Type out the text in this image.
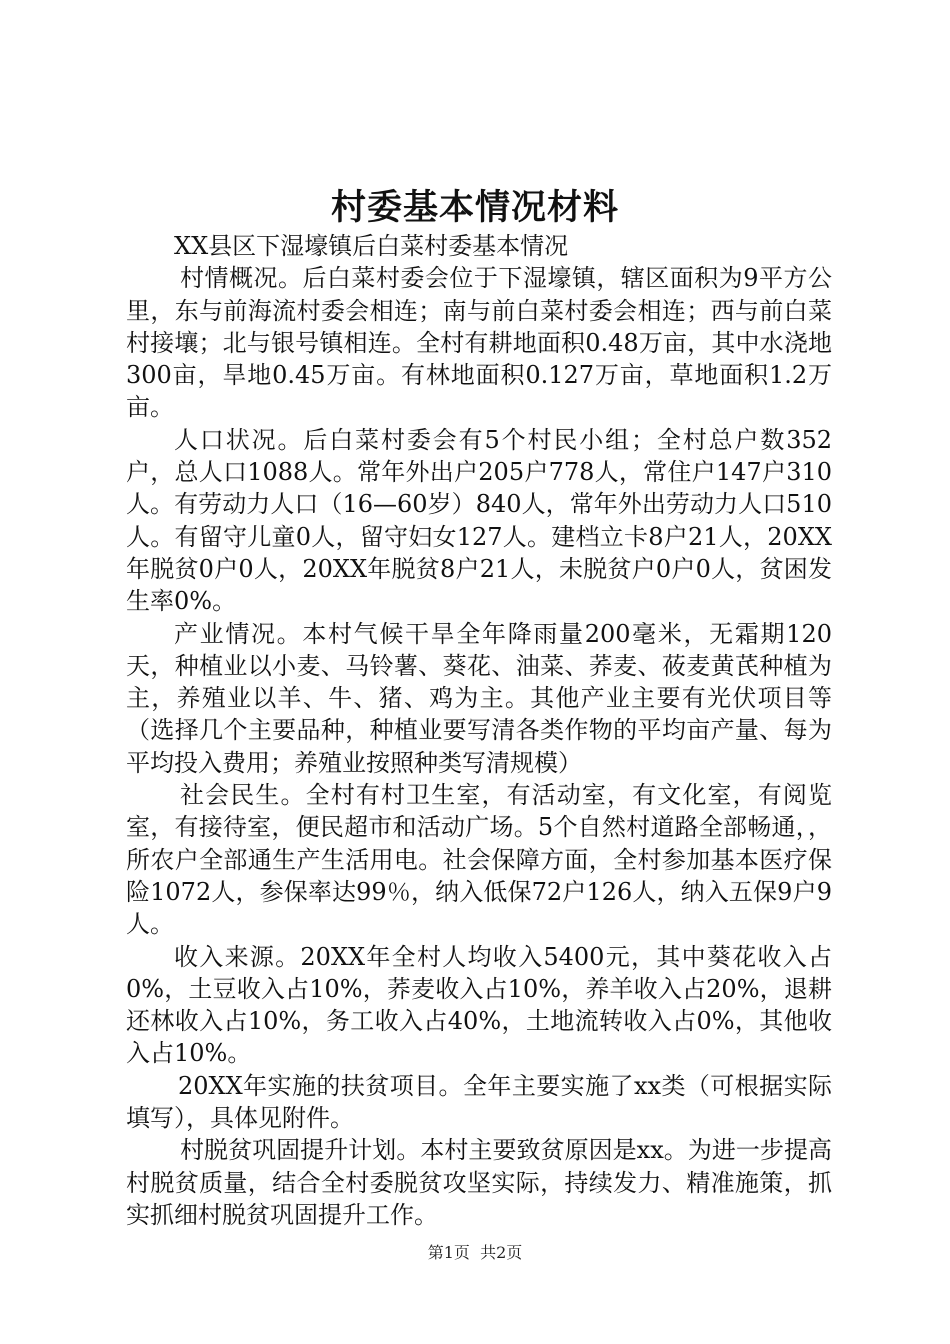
村委基本情况材料

XX县区下湿壕镇后白菜村委基本情况

村情概况。后白菜村委会位于下湿壕镇，辖区面积为9平方公里，东与前海流村委会相连；南与前白菜村委会相连；西与前白菜村接壤；北与银号镇相连。全村有耕地面积0.48万亩，其中水浇地300亩，旱地0.45万亩。有林地面积0.127万亩，草地面积1.2万亩。

人口状况。后白菜村委会有5个村民小组；全村总户数352户，总人口1088人。常年外出户205户778人，常住户147户310人。有劳动力人口（16—60岁）840人，常年外出劳动力人口510人。有留守儿童0人，留守妇女127人。建档立卡8户21人，20XX年脱贫0户0人，20XX年脱贫8户21人，未脱贫户0户0人，贫困发生率0%。

产业情况。本村气候干旱全年降雨量200毫米，无霜期120天，种植业以小麦、马铃薯、葵花、油菜、荞麦、莜麦黄芪种植为主，养殖业以羊、牛、猪、鸡为主。其他产业主要有光伏项目等（选择几个主要品种，种植业要写清各类作物的平均亩产量、每为平均投入费用；养殖业按照种类写清规模）

社会民生。全村有村卫生室，有活动室，有文化室，有阅览室，有接待室，便民超市和活动广场。5个自然村道路全部畅通，，所农户全部通生产生活用电。社会保障方面，全村参加基本医疗保险1072人，参保率达99％，纳入低保72户126人，纳入五保9户9人。

收入来源。20XX年全村人均收入5400元，其中葵花收入占0%，土豆收入占10%，荞麦收入占10%，养羊收入占20%，退耕还林收入占10%，务工收入占40%，土地流转收入占0%，其他收入占10%。

20XX年实施的扶贫项目。全年主要实施了xx类（可根据实际填写），具体见附件。

村脱贫巩固提升计划。本村主要致贫原因是xx。为进一步提高村脱贫质量，结合全村委脱贫攻坚实际，持续发力、精准施策，抓实抓细村脱贫巩固提升工作。

第1页  共2页
